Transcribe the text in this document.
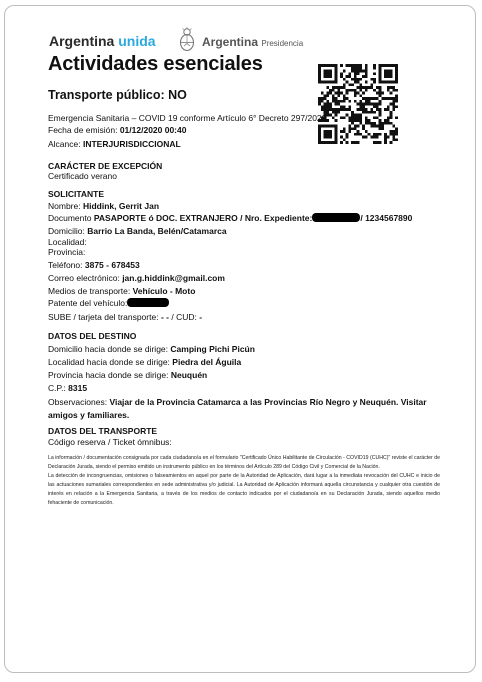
Argentina unida	Argentina Presidencia
Actividades esenciales
Transporte público: NO
Emergencia Sanitaria – COVID 19 conforme Artículo 6° Decreto 297/2020
Fecha de emisión: 01/12/2020 00:40
Alcance: INTERJURISDICCIONAL
CARÁCTER DE EXCEPCIÓN
Certificado verano
SOLICITANTE
Nombre: Hiddink, Gerrit Jan
Documento PASAPORTE ó DOC. EXTRANJERO / Nro. Expediente:	/ 1234567890
Domicilio: Barrio La Banda, Belén/Catamarca
Localidad:
Provincia:
Teléfono: 3875 - 678453
Correo electrónico: jan.g.hiddink@gmail.com
Medios de transporte: Vehículo - Moto
Patente del vehículo:
SUBE / tarjeta del transporte: - - / CUD: -
DATOS DEL DESTINO
Domicilio hacia donde se dirige: Camping Pichi Picún
Localidad hacia donde se dirige: Piedra del Águila
Provincia hacia donde se dirige: Neuquén
C.P.: 8315
Observaciones: Viajar de la Provincia Catamarca a las Provincias Río Negro y Neuquén. Visitar amigos y familiares.
DATOS DEL TRANSPORTE
Código reserva / Ticket ómnibus:

La información / documentación consignada por cada ciudadano/a en el formulario "Certificado Único Habilitante de Circulación - COVID19 (CUHC)" reviste el carácter de Declaración Jurada, siendo el permiso emitido un instrumento público en los términos del Artículo 289 del Código Civil y Comercial de la Nación.

La detección de incongruencias, omisiones o falseamientos en aquel por parte de la Autoridad de Aplicación, dará lugar a la inmediata revocación del CUHC e inicio de las actuaciones sumariales correspondientes en sede administrativa y/o judicial. La Autoridad de Aplicación informará aquella circunstancia y cualquier otra cuestión de interés en relación a la Emergencia Sanitaria, a través de los medios de contacto indicados por el ciudadano/a en su Declaración Jurada, siendo aquellos medio fehaciente de comunicación.
